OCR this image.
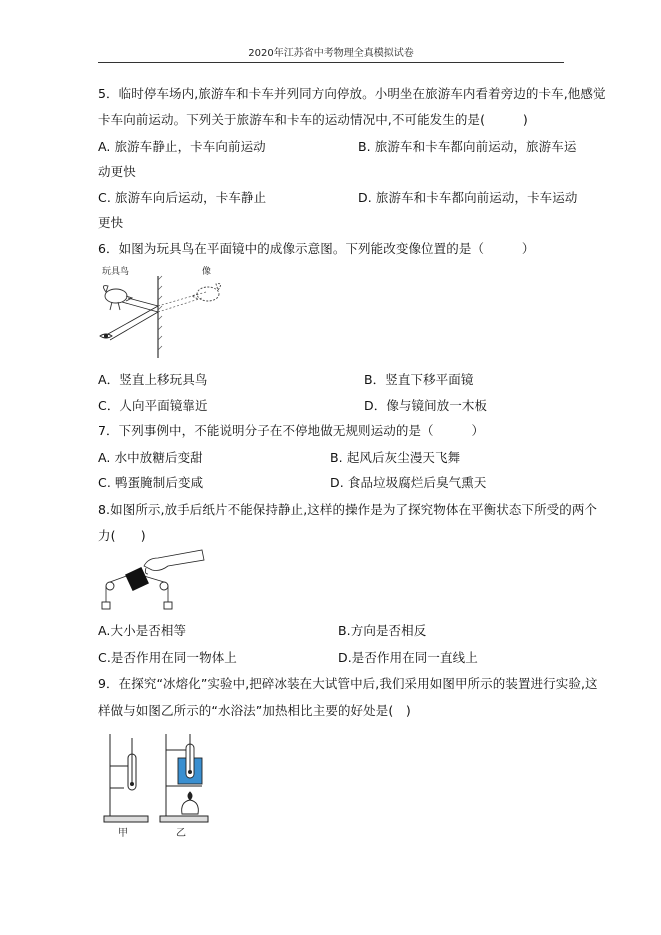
2020年江苏省中考物理全真模拟试卷
5．临时停车场内,旅游车和卡车并列同方向停放。小明坐在旅游车内看着旁边的卡车,他感觉
卡车向前运动。下列关于旅游车和卡车的运动情况中,不可能发生的是(　　　)
A. 旅游车静止，卡车向前运动	B. 旅游车和卡车都向前运动，旅游车运
动更快
C. 旅游车向后运动，卡车静止	D. 旅游车和卡车都向前运动，卡车运动
更快
6．如图为玩具鸟在平面镜中的成像示意图。下列能改变像位置的是（　　　）
玩具鸟	像
A．竖直上移玩具鸟	B．竖直下移平面镜
C．人向平面镜靠近	D．像与镜间放一木板
7．下列事例中，不能说明分子在不停地做无规则运动的是（　　　）
A. 水中放糖后变甜	B. 起风后灰尘漫天飞舞
C. 鸭蛋腌制后变咸	D. 食品垃圾腐烂后臭气熏天
8.如图所示,放手后纸片不能保持静止,这样的操作是为了探究物体在平衡状态下所受的两个
力(　　)
A.大小是否相等	B.方向是否相反
C.是否作用在同一物体上	D.是否作用在同一直线上
9．在探究“冰熔化”实验中,把碎冰装在大试管中后,我们采用如图甲所示的装置进行实验,这
样做与如图乙所示的“水浴法”加热相比主要的好处是(　)
甲	乙
